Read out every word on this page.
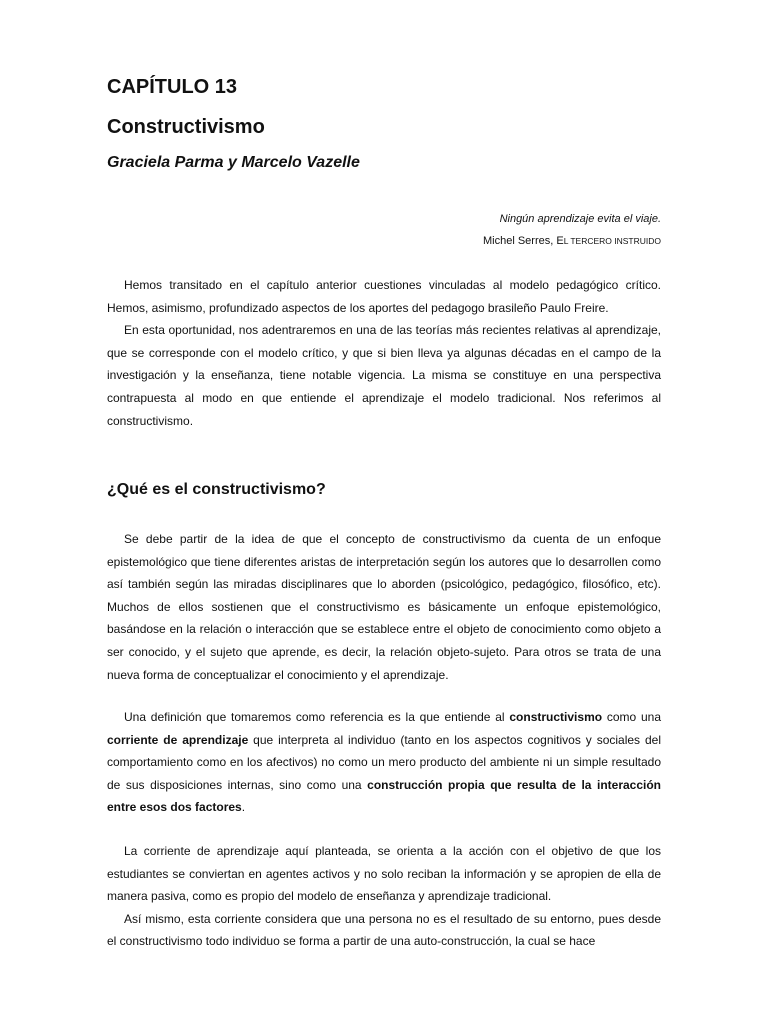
CAPÍTULO 13
Constructivismo
Graciela Parma y Marcelo Vazelle
Ningún aprendizaje evita el viaje.
Michel Serres, EL TERCERO INSTRUIDO

Hemos transitado en el capítulo anterior cuestiones vinculadas al modelo pedagógico crítico. Hemos, asimismo, profundizado aspectos de los aportes del pedagogo brasileño Paulo Freire.

En esta oportunidad, nos adentraremos en una de las teorías más recientes relativas al aprendizaje, que se corresponde con el modelo crítico, y que si bien lleva ya algunas décadas en el campo de la investigación y la enseñanza, tiene notable vigencia. La misma se constituye en una perspectiva contrapuesta al modo en que entiende el aprendizaje el modelo tradicional. Nos referimos al constructivismo.

¿Qué es el constructivismo?

Se debe partir de la idea de que el concepto de constructivismo da cuenta de un enfoque epistemológico que tiene diferentes aristas de interpretación según los autores que lo desarrollen como así también según las miradas disciplinares que lo aborden (psicológico, pedagógico, filosófico, etc). Muchos de ellos sostienen que el constructivismo es básicamente un enfoque epistemológico, basándose en la relación o interacción que se establece entre el objeto de conocimiento como objeto a ser conocido, y el sujeto que aprende, es decir, la relación objeto-sujeto. Para otros se trata de una nueva forma de conceptualizar el conocimiento y el aprendizaje.

Una definición que tomaremos como referencia es la que entiende al constructivismo como una corriente de aprendizaje que interpreta al individuo (tanto en los aspectos cognitivos y sociales del comportamiento como en los afectivos) no como un mero producto del ambiente ni un simple resultado de sus disposiciones internas, sino como una construcción propia que resulta de la interacción entre esos dos factores.

La corriente de aprendizaje aquí planteada, se orienta a la acción con el objetivo de que los estudiantes se conviertan en agentes activos y no solo reciban la información y se apropien de ella de manera pasiva, como es propio del modelo de enseñanza y aprendizaje tradicional.

Así mismo, esta corriente considera que una persona no es el resultado de su entorno, pues desde el constructivismo todo individuo se forma a partir de una auto-construcción, la cual se hace
